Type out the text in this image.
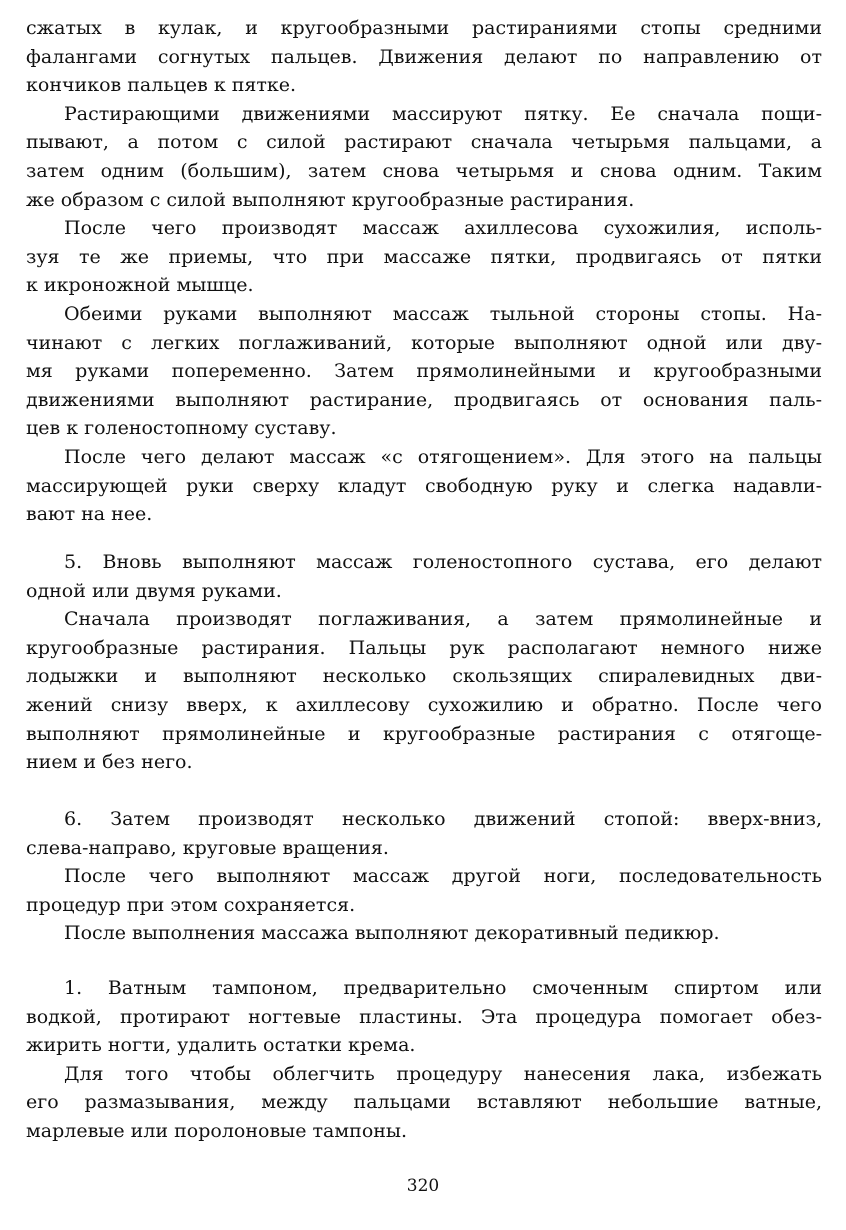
сжатых в кулак, и кругообразными растираниями стопы средними
фалангами согнутых пальцев. Движения делают по направлению от
кончиков пальцев к пятке.
Растирающими движениями массируют пятку. Ее сначала пощи-
пывают, а потом с силой растирают сначала четырьмя пальцами, а
затем одним (большим), затем снова четырьмя и снова одним. Таким
же образом с силой выполняют кругообразные растирания.
После чего производят массаж ахиллесова сухожилия, исполь-
зуя те же приемы, что при массаже пятки, продвигаясь от пятки
к икроножной мышце.
Обеими руками выполняют массаж тыльной стороны стопы. На-
чинают с легких поглаживаний, которые выполняют одной или дву-
мя руками попеременно. Затем прямолинейными и кругообразными
движениями выполняют растирание, продвигаясь от основания паль-
цев к голеностопному суставу.
После чего делают массаж «с отягощением». Для этого на пальцы
массирующей руки сверху кладут свободную руку и слегка надавли-
вают на нее.
5. Вновь выполняют массаж голеностопного сустава, его делают
одной или двумя руками.
Сначала производят поглаживания, а затем прямолинейные и
кругообразные растирания. Пальцы рук располагают немного ниже
лодыжки и выполняют несколько скользящих спиралевидных дви-
жений снизу вверх, к ахиллесову сухожилию и обратно. После чего
выполняют прямолинейные и кругообразные растирания с отягоще-
нием и без него.
6. Затем производят несколько движений стопой: вверх-вниз,
слева-направо, круговые вращения.
После чего выполняют массаж другой ноги, последовательность
процедур при этом сохраняется.
После выполнения массажа выполняют декоративный педикюр.
1. Ватным тампоном, предварительно смоченным спиртом или
водкой, протирают ногтевые пластины. Эта процедура помогает обез-
жирить ногти, удалить остатки крема.
Для того чтобы облегчить процедуру нанесения лака, избежать
его размазывания, между пальцами вставляют небольшие ватные,
марлевые или поролоновые тампоны.
320
